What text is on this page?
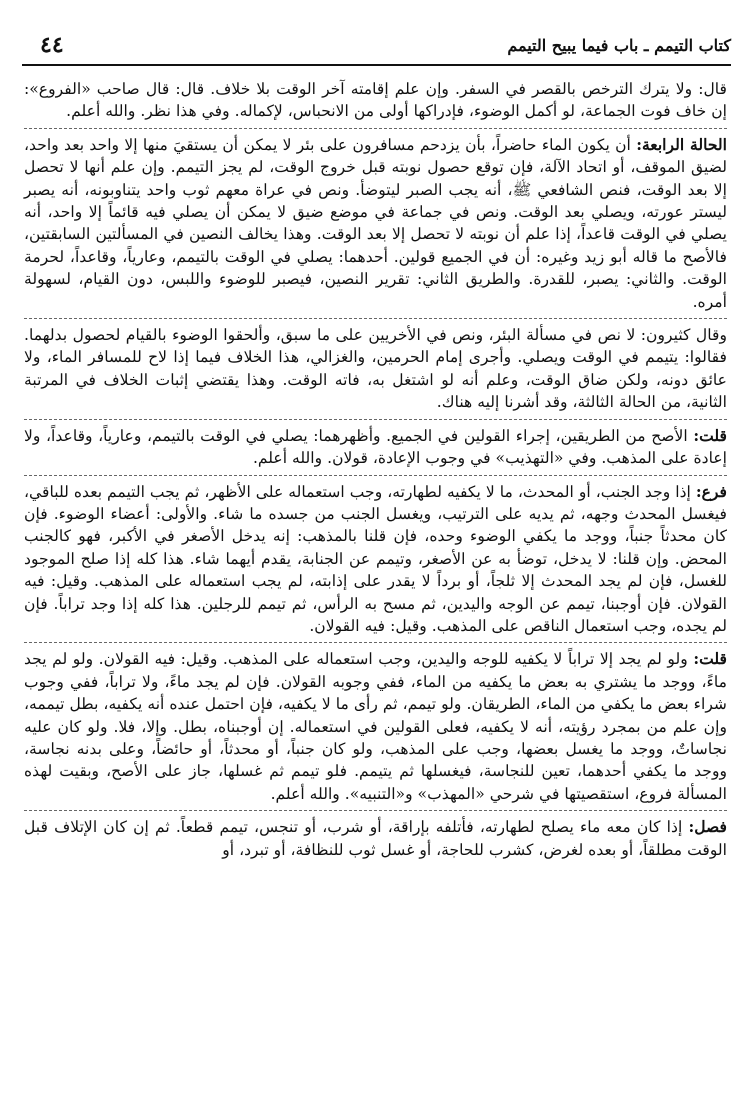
كتاب التيمم ـ باب فيما يبيح التيمم
٤٤

قال: ولا يترك الترخص بالقصر في السفر. وإن علم إقامته آخر الوقت بلا خلاف. قال: قال صاحب «الفروع»: إن خاف فوت الجماعة، لو أكمل الوضوء، فإدراكها أولى من الانحباس، لإكماله. وفي هذا نظر. والله أعلم.

الحالة الرابعة: أن يكون الماء حاضراً، بأن يزدحم مسافرون على بئر لا يمكن أن يستقيَ منها إلا واحد بعد واحد، لضيق الموقف، أو اتحاد الآلة، فإن توقع حصول نوبته قبل خروج الوقت، لم يجز التيمم. وإن علم أنها لا تحصل إلا بعد الوقت، فنص الشافعي ﷺ، أنه يجب الصبر ليتوضأ. ونص في عراة معهم ثوب واحد يتناوبونه، أنه يصبر ليستر عورته، ويصلي بعد الوقت. ونص في جماعة في موضع ضيق لا يمكن أن يصلي فيه قائماً إلا واحد، أنه يصلي في الوقت قاعداً، إذا علم أن نوبته لا تحصل إلا بعد الوقت. وهذا يخالف النصين في المسألتين السابقتين، فالأصح ما قاله أبو زيد وغيره: أن في الجميع قولين. أحدهما: يصلي في الوقت بالتيمم، وعارياً، وقاعداً، لحرمة الوقت. والثاني: يصبر، للقدرة. والطريق الثاني: تقرير النصين، فيصبر للوضوء واللبس، دون القيام، لسهولة أمره.

وقال كثيرون: لا نص في مسألة البئر، ونص في الأخريين على ما سبق، وألحقوا الوضوء بالقيام لحصول بدلهما. فقالوا: يتيمم في الوقت ويصلي. وأجرى إمام الحرمين، والغزالي، هذا الخلاف فيما إذا لاح للمسافر الماء، ولا عائق دونه، ولكن ضاق الوقت، وعلم أنه لو اشتغل به، فاته الوقت. وهذا يقتضي إثبات الخلاف في المرتبة الثانية، من الحالة الثالثة، وقد أشرنا إليه هناك.

قلت: الأصح من الطريقين، إجراء القولين في الجميع. وأظهرهما: يصلي في الوقت بالتيمم، وعارياً، وقاعداً، ولا إعادة على المذهب. وفي «التهذيب» في وجوب الإعادة، قولان. والله أعلم.

فرع: إذا وجد الجنب، أو المحدث، ما لا يكفيه لطهارته، وجب استعماله على الأظهر، ثم يجب التيمم بعده للباقي، فيغسل المحدث وجهه، ثم يديه على الترتيب، ويغسل الجنب من جسده ما شاء. والأولى: أعضاء الوضوء. فإن كان محدثاً جنباً، ووجد ما يكفي الوضوء وحده، فإن قلنا بالمذهب: إنه يدخل الأصغر في الأكبر، فهو كالجنب المحض. وإن قلنا: لا يدخل، توضأ به عن الأصغر، وتيمم عن الجنابة، يقدم أيهما شاء. هذا كله إذا صلح الموجود للغسل، فإن لم يجد المحدث إلا ثلجاً، أو برداً لا يقدر على إذابته، لم يجب استعماله على المذهب. وقيل: فيه القولان. فإن أوجبنا، تيمم عن الوجه واليدين، ثم مسح به الرأس، ثم تيمم للرجلين. هذا كله إذا وجد تراباً. فإن لم يجده، وجب استعمال الناقص على المذهب. وقيل: فيه القولان.

قلت: ولو لم يجد إلا تراباً لا يكفيه للوجه واليدين، وجب استعماله على المذهب. وقيل: فيه القولان. ولو لم يجد ماءً، ووجد ما يشتري به بعض ما يكفيه من الماء، ففي وجوبه القولان. فإن لم يجد ماءً، ولا تراباً، ففي وجوب شراء بعض ما يكفي من الماء، الطريقان. ولو تيمم، ثم رأى ما لا يكفيه، فإن احتمل عنده أنه يكفيه، بطل تيممه، وإن علم من بمجرد رؤيته، أنه لا يكفيه، فعلى القولين في استعماله. إن أوجبناه، بطل. وإلا، فلا. ولو كان عليه نجاساتٌ، ووجد ما يغسل بعضها، وجب على المذهب، ولو كان جنباً، أو محدثاً، أو حائضاً، وعلى بدنه نجاسة، ووجد ما يكفي أحدهما، تعين للنجاسة، فيغسلها ثم يتيمم. فلو تيمم ثم غسلها، جاز على الأصح، وبقيت لهذه المسألة فروع، استقصيتها في شرحي «المهذب» و«التنبيه». والله أعلم.

فصل: إذا كان معه ماء يصلح لطهارته، فأتلفه بإراقة، أو شرب، أو تنجس، تيمم قطعاً. ثم إن كان الإتلاف قبل الوقت مطلقاً، أو بعده لغرض، كشرب للحاجة، أو غسل ثوب للنظافة، أو تبرد، أو
